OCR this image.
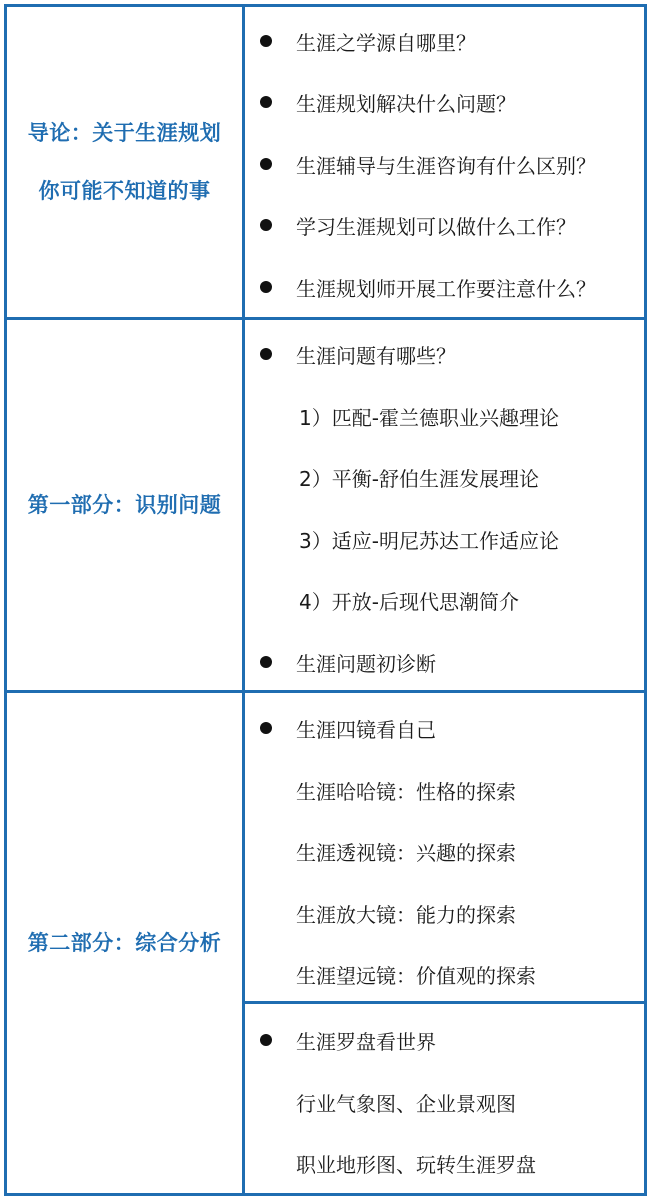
导论：关于生涯规划
你可能不知道的事
生涯之学源自哪里？
生涯规划解决什么问题？
生涯辅导与生涯咨询有什么区别？
学习生涯规划可以做什么工作？
生涯规划师开展工作要注意什么？
第一部分：识别问题
生涯问题有哪些？
1）匹配-霍兰德职业兴趣理论
2）平衡-舒伯生涯发展理论
3）适应-明尼苏达工作适应论
4）开放-后现代思潮简介
生涯问题初诊断
第二部分：综合分析
生涯四镜看自己
生涯哈哈镜：性格的探索
生涯透视镜：兴趣的探索
生涯放大镜：能力的探索
生涯望远镜：价值观的探索
生涯罗盘看世界
行业气象图、企业景观图
职业地形图、玩转生涯罗盘
